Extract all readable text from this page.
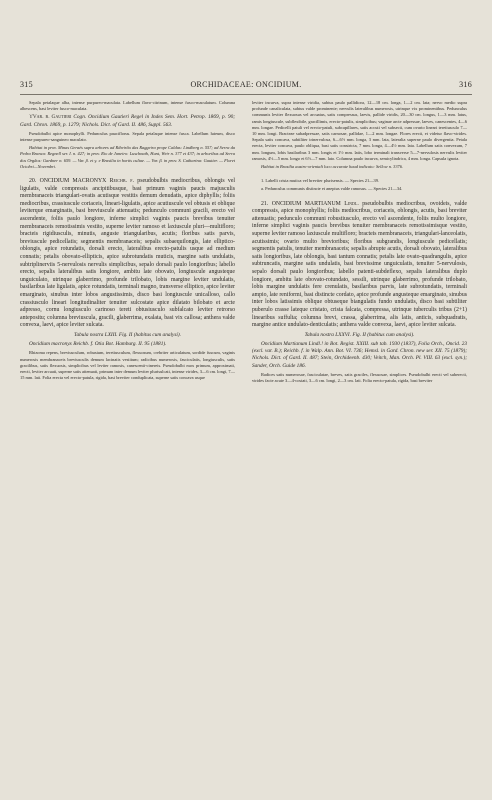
315	ORCHIDACEAE: ONCIDIUM.	316

Sepala petalaque alba, intense purpureo-maculata. Labellum flavo-citrinum, intense fusco-maculatum. Columna albescens, basi leviter fusco-maculata.

ϒVar. β. Gautieri Cogn. Oncidium Gautieri Regel in Index Sem. Hort. Petrop. 1869, p. 90; Gard. Chron. 1869, p. 1279; Nichols. Dict. of Gard. II. 486, Suppl. 563.

Pseudobulbi apice monophylli. Pedunculus pauciflorus. Sepala petalaque intense fusca. Labellum luteum, disco intense purpureo-sanguineo maculato.

Habitat in prov. Minas Geraës supra arbores ad Ribeirão das Raggeira prope Caldas: Lindberg n. 557; ad Serra da Pedra Branca: Regnell ser. I. n. 427; in prov. Rio de Janeiro: Luschnath, Hunt, Weir n. 377 et 437; in arboribus ad Serra dos Orgãos: Gardner n. 659. — Var. β. et γ. e Brasilia in hortis cultae. — Var. β. in prov. S. Catharina: Gautier. — Floret Octobri—Novembri.

20. ONCIDIUM MACRONYX Reichb. f. pseudobulbis mediocribus, oblongis vel ligulatis, valde compressis ancipitibusque, basi primum vaginis paucis majusculis membranaceis triangulari-ovatis acutisque vestitis demum denudatis, apice diphyllis; foliis mediocribus, crassiuscule coriaceis, lineari-ligulatis, apice acutiuscule vel obtusis et oblique leviterque emarginatis, basi breviuscule attenuatis; pedunculo communi gracili, erecto vel ascendente, foliis paulo longiore, inferne simplici vaginis paucis brevibus tenuiter membranaceis remotissimis vestito, superne leviter ramoso et laxiuscule pluri—multifloro; bracteis rigidiusculis, minutis, anguste triangularibus, acutis; floribus satis parvis, breviuscule pedicellatis; segmentis membranaceis; sepalis subaequilongis, late elliptico-oblongis, apice rotundatis, dorsali erecto, lateralibus erecto-patulis usque ad medium connatis; petalis obovato-ellipticis, apice subrotundatis muticis, margine satis undulatis, subtriplinerviis 5-nervulosis nervulis simplicibus, sepalo dorsali paulo longioribus; labello erecto, sepalis lateralibus satis longiore, ambitu late obovato, longiuscule angusteque unguiculato, utrinque glaberrimo, profunde trilobato, lobis margine leviter undulatis, basilaribus late ligulatis, apice rotundatis, terminali magno, transverse elliptico, apice leviter emarginato, sinubus inter lobos angustissimis, disco basi longiuscule unicalloso, callo crassiusculo lineari longitudinaliter tenuiter sulcostate apice dilatato bilobato et arcte adpresso, cornu longiusculo carinoso tereti obtusiusculo subfalcato leviter retrorso antepositu; columna breviuscula, gracili, glaberrima, exalata, basi vix callosa; anthera valde convexa, laevi, apice leviter sulcata.

Tabula nostra LXIII. Fig. II (habitus cum analysi).

Oncidium macronyx Reichb. f. Otia Bot. Hamburg. II. 95 (1881).

Rhizoma repens, breviusculum, robustum, teretiusculum, flexuosum, crebriter articulatum, sordide fuscum, vaginis numerosis membranaceis breviusculis demum lacinatis vestitum; radicibus numerosis, fasciculatis, longiusculis, satis gracilibus, satis flexuosis, simplicibus vel leviter ramosis, canescenti-cinereis. Pseudobulbi mox primum, approximati, erecti, leviter arcuati, superne satis attenuati, primum inter demum leviter plurisulcati, intense virides, 3—6 cm. longi, 7—15 mm. lati. Folia erecta vel erecto-patula, rigida, basi breviter conduplicata, superne satis concava usque

leviter incurva, supra intense viridia, subtus paulo pallidiora, 12—18 cm. longa, 1—2 cm. lata; nervo medio supra profunde canaliculata, subtus valde prominente; nervulis lateralibus numerosis, utrinque vix prominentibus. Pedunculus communis leviter flexuosus vel arcuatus, satis compressus, laevis, pallide viridis, 20—30 cm. longus, 1—3 mm. latus, ramis longiuscule, subflexibile, gracillimis, erecto-patulis, simplicibus; vaginae arcte adpressae, laeves, canescentes, 4—6 mm. longae. Pedicelli patuli vel erecto-patuli, subcapillares, satis accuti vel subsecti, cum ovario lineari teretiusculo 7—10 mm. longi. Bracteae subadpressae, satis carnosae, pallidae, 1—2 mm. longae. Flores erecti, et videtur flavo-virides. Sepala satis concava, subtiliter trinervulosa, 6—6½ mm. longa, 3 mm. lata, lateralia superne paulo divergentia. Petala erecta, leviter concava, paulo obliqua, basi satis constricta, 7 mm. longa, 4—4½ mm. lata. Labellum satis convexum, 7 mm. longum, lobis basilaribus 3 mm. longis et 1½ mm. latis, lobo terminali transverse 5—7-nervulosis nervulis leviter ramosis, 4½—5 mm. longo et 6½—7 mm. lato. Columna paulo incurva, semicylindrica, 4 mm. longa. Capsula ignota.

Habitat in Brasilia austro-orientali loco accurate haud indicato: Sellow n. 3376.

1. Labelli crista mutica vel breviter plurisensis. — Species 21—39.

a. Pedunculus communis distincte et anepius valde ramosus. — Species 21—34.

21. ONCIDIUM MARTIANUM Lindl. pseudobulbis mediocribus, ovoideis, valde compressis, apice monophyllis; foliis mediocribus, coriaceis, oblongis, acutis, basi breviter attenuatis; pedunculo communi robustiusculo, erecto vel ascendente, foliis multo longiore, inferne simplici vaginis paucis brevibus tenuiter membranaceis remotissimisque vestito, superne leviter ramoso laxiuscule multifloro; bracteis membranaceis, triangulari-lanceolatis, acutissimis; ovario multo brevioribus; floribus subgrandis, longiuscule pedicellatis; segmentis patulis, tenuiter membranaceis; sepalis abrupte acutis, dorsali obovato, lateralibus satis longioribus, late oblongis, basi tantum connatis; petalis late ovato-quadrangulis, apice subtruncatis, margine satis undulatis, basi brevissime unguiculatis, tenuiter 5-nervulosis, sepalo dorsali paulo longioribus; labello patenti-subdeflexo, sepalis lateralibus duplo longiore, ambitu late obovato-rotundato, sessili, utrinque glaberrimo, profunde trilobato, lobis margine undulatis fere crenulatis, basilaribus parvis, late subrotundatis, terminali ampio, late reniformi, basi distincte cordato, apice profunde angusteque emarginato, sinubus inter lobos latissimis oblique obtuseque biangulatis fundo undulatis, disco basi subtiliter puberulo crasse lateque cristato, crista falcata, compressa, utrinque tuberculis tribus (2+1) linearibus suffulta; columna brevi, crassa, glaberrima, alis latis, anticis, subquadratis, margine antice undulato-denticulatis; anthera valde convexa, laevi, apice leviter sulcata.

Tabula nostra LXXVI. Fig. II (habitus cum analysi).

Oncidium Martianum Lindl.! in Bot. Regist. XXIII. sub tab. 1930 (1837), Folia Orch., Oncid. 23 (excl. var. B.); Reichb. f. in Walp. Ann. Bot. VI. 736; Hemsl. in Gard. Chron. new ser. XII. 75 (1879); Nichols. Dict. of Gard. II. 487; Stein, Orchideenb. 430; Veitch, Man. Orch. Pl. VIII. 63 (excl. syn.); Sander, Orch. Guide 186.

Radices satis numerosae, fasciculatae, breves, satis graciles, flexuosae, simplices. Pseudobulbi erecti vel suberecti, virides facie acute 3—4-costati, 3—6 cm. longi, 2—3 cm. lati. Folia erecto-patula, rigida, basi breviter
